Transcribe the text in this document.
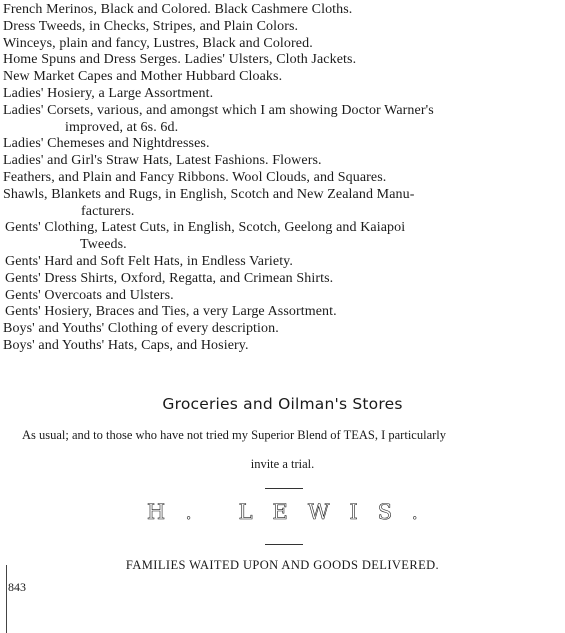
French Merinos, Black and Colored. Black Cashmere Cloths.
Dress Tweeds, in Checks, Stripes, and Plain Colors.
Winceys, plain and fancy, Lustres, Black and Colored.
Home Spuns and Dress Serges. Ladies' Ulsters, Cloth Jackets.
New Market Capes and Mother Hubbard Cloaks.
Ladies' Hosiery, a Large Assortment.
Ladies' Corsets, various, and amongst which I am showing Doctor Warner's
improved, at 6s. 6d.
Ladies' Chemeses and Nightdresses.
Ladies' and Girl's Straw Hats, Latest Fashions. Flowers.
Feathers, and Plain and Fancy Ribbons. Wool Clouds, and Squares.
Shawls, Blankets and Rugs, in English, Scotch and New Zealand Manu-
facturers.
Gents' Clothing, Latest Cuts, in English, Scotch, Geelong and Kaiapoi
Tweeds.
Gents' Hard and Soft Felt Hats, in Endless Variety.
Gents' Dress Shirts, Oxford, Regatta, and Crimean Shirts.
Gents' Overcoats and Ulsters.
Gents' Hosiery, Braces and Ties, a very Large Assortment.
Boys' and Youths' Clothing of every description.
Boys' and Youths' Hats, Caps, and Hosiery.
Groceries and Oilman's Stores
As usual; and to those who have not tried my Superior Blend of TEAS, I particularly
invite a trial.
H. LEWIS.
FAMILIES WAITED UPON AND GOODS DELIVERED.
843
